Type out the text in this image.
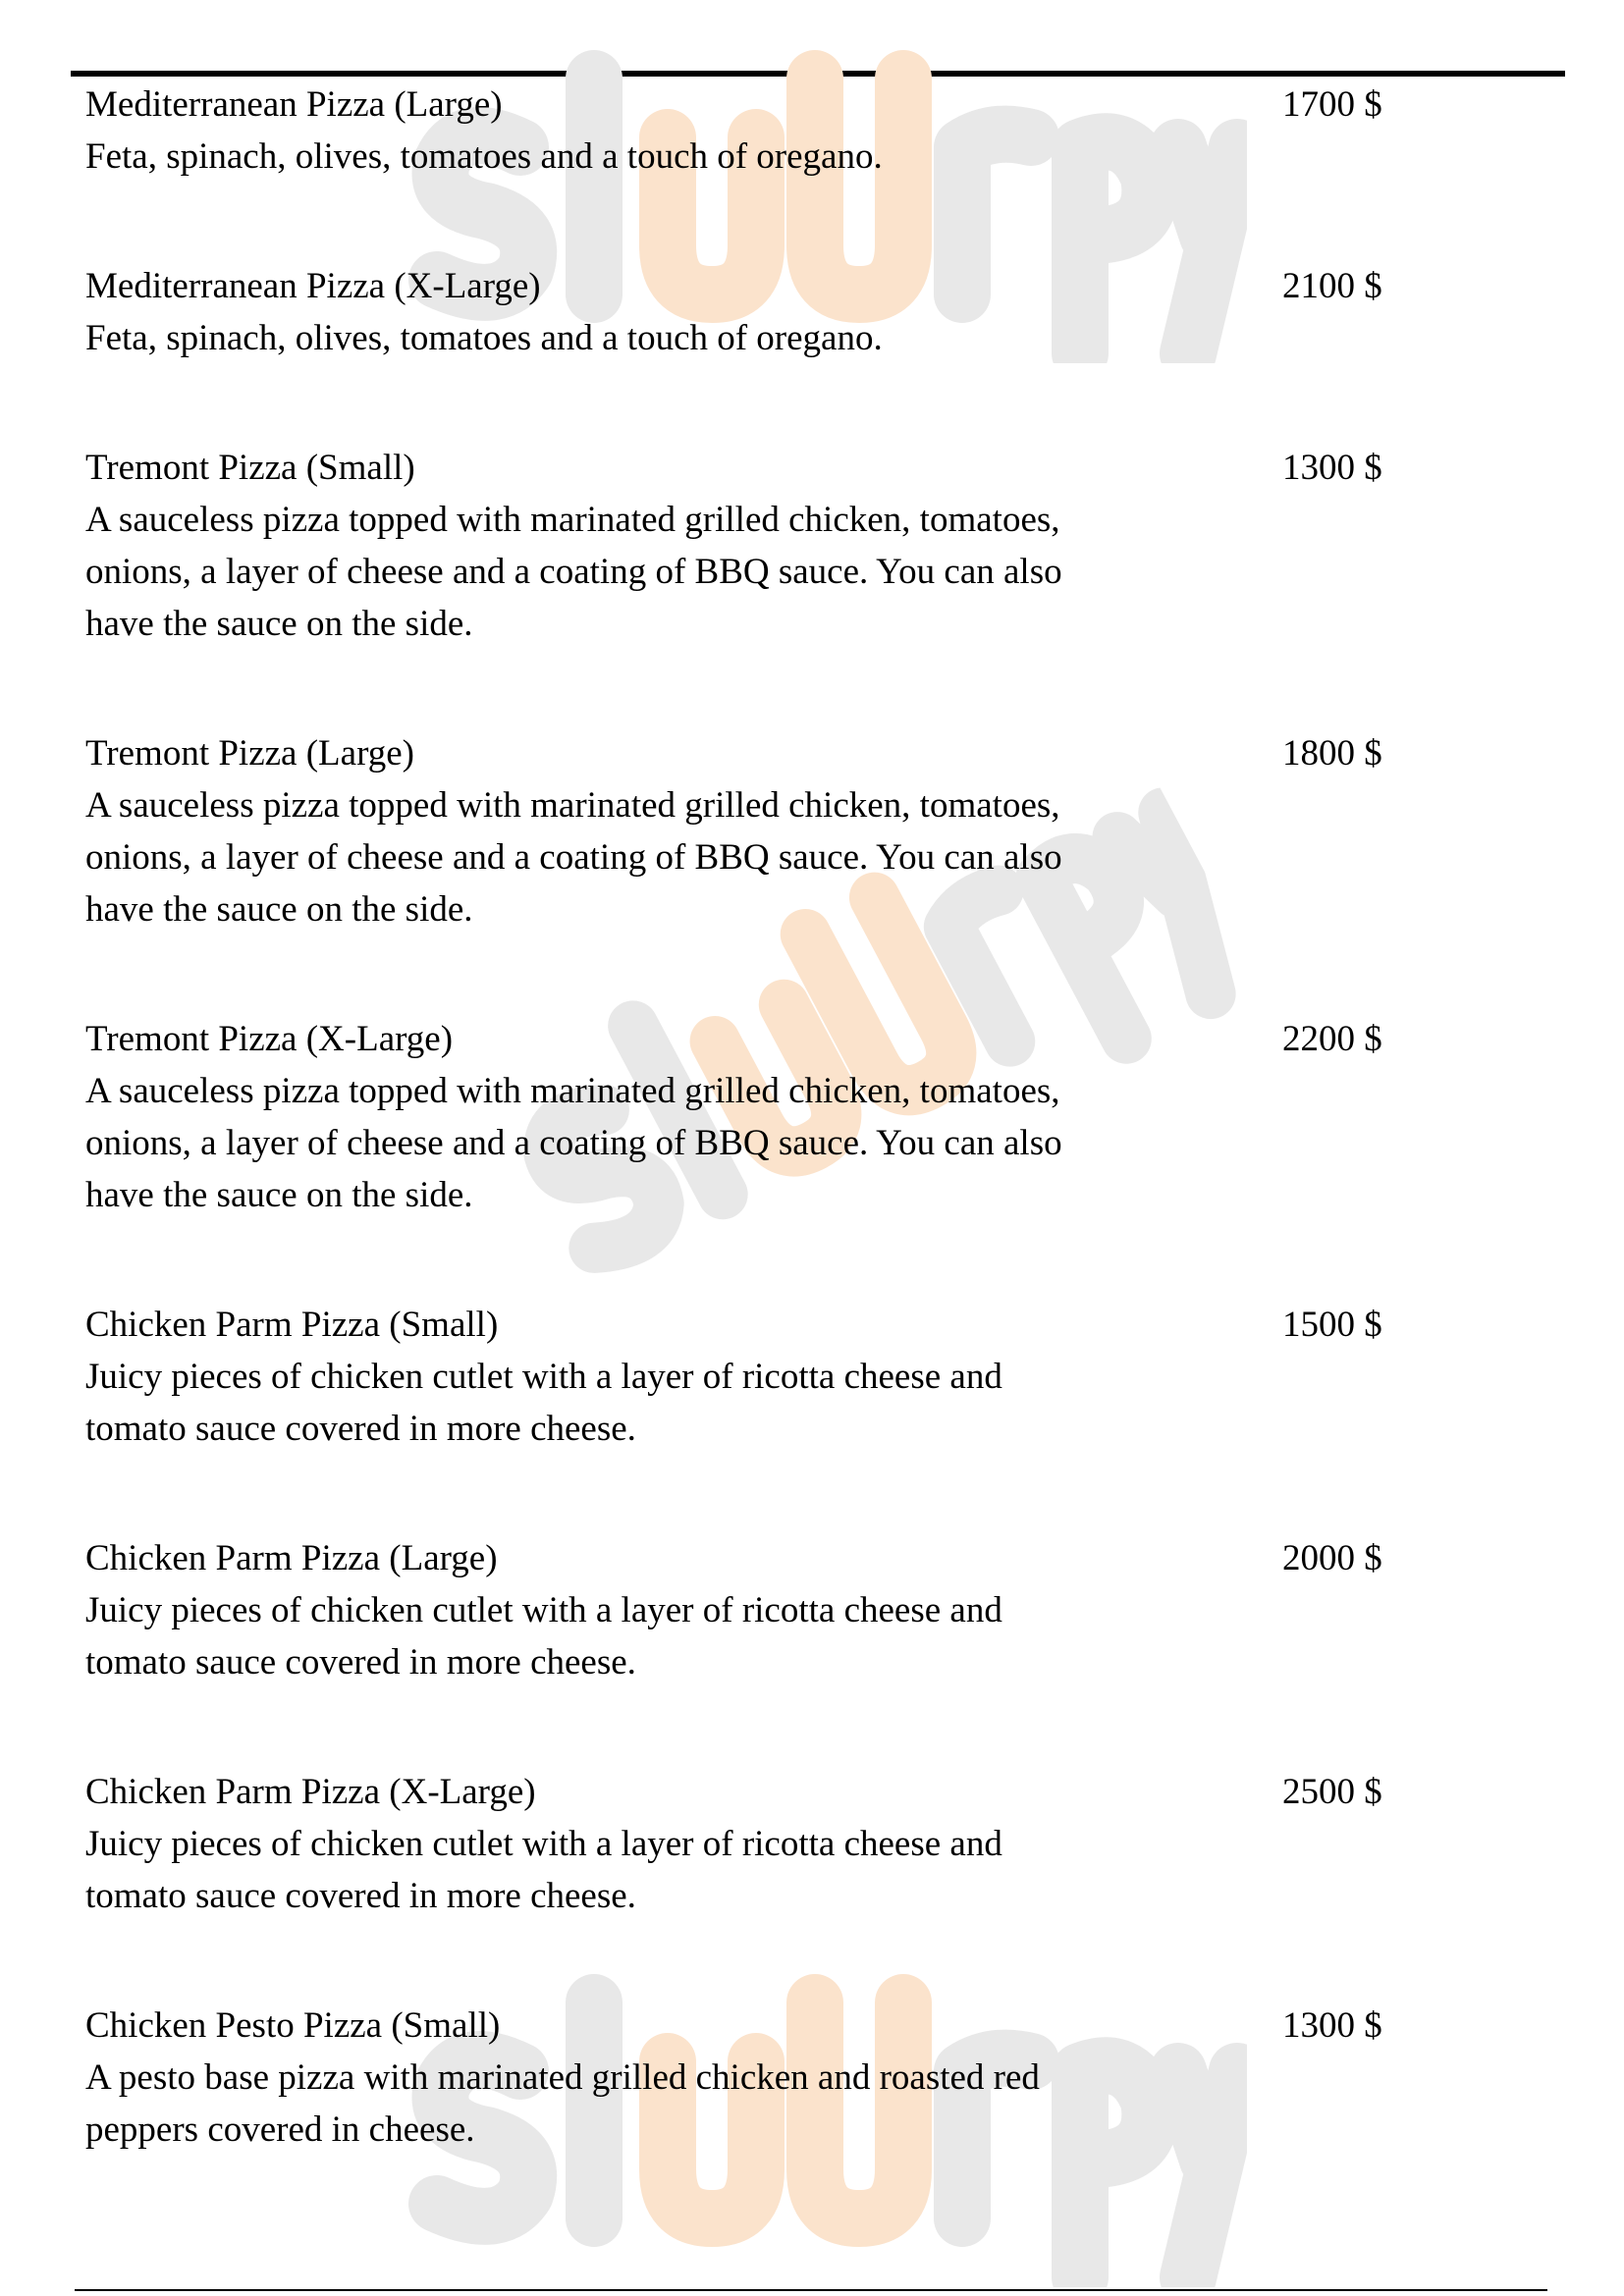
Mediterranean Pizza (Large)	1700 $
Feta, spinach, olives, tomatoes and a touch of oregano.
Mediterranean Pizza (X-Large)	2100 $
Feta, spinach, olives, tomatoes and a touch of oregano.
Tremont Pizza (Small)	1300 $
A sauceless pizza topped with marinated grilled chicken, tomatoes,
onions, a layer of cheese and a coating of BBQ sauce. You can also
have the sauce on the side.
Tremont Pizza (Large)	1800 $
A sauceless pizza topped with marinated grilled chicken, tomatoes,
onions, a layer of cheese and a coating of BBQ sauce. You can also
have the sauce on the side.
Tremont Pizza (X-Large)	2200 $
A sauceless pizza topped with marinated grilled chicken, tomatoes,
onions, a layer of cheese and a coating of BBQ sauce. You can also
have the sauce on the side.
Chicken Parm Pizza (Small)	1500 $
Juicy pieces of chicken cutlet with a layer of ricotta cheese and
tomato sauce covered in more cheese.
Chicken Parm Pizza (Large)	2000 $
Juicy pieces of chicken cutlet with a layer of ricotta cheese and
tomato sauce covered in more cheese.
Chicken Parm Pizza (X-Large)	2500 $
Juicy pieces of chicken cutlet with a layer of ricotta cheese and
tomato sauce covered in more cheese.
Chicken Pesto Pizza (Small)	1300 $
A pesto base pizza with marinated grilled chicken and roasted red
peppers covered in cheese.
